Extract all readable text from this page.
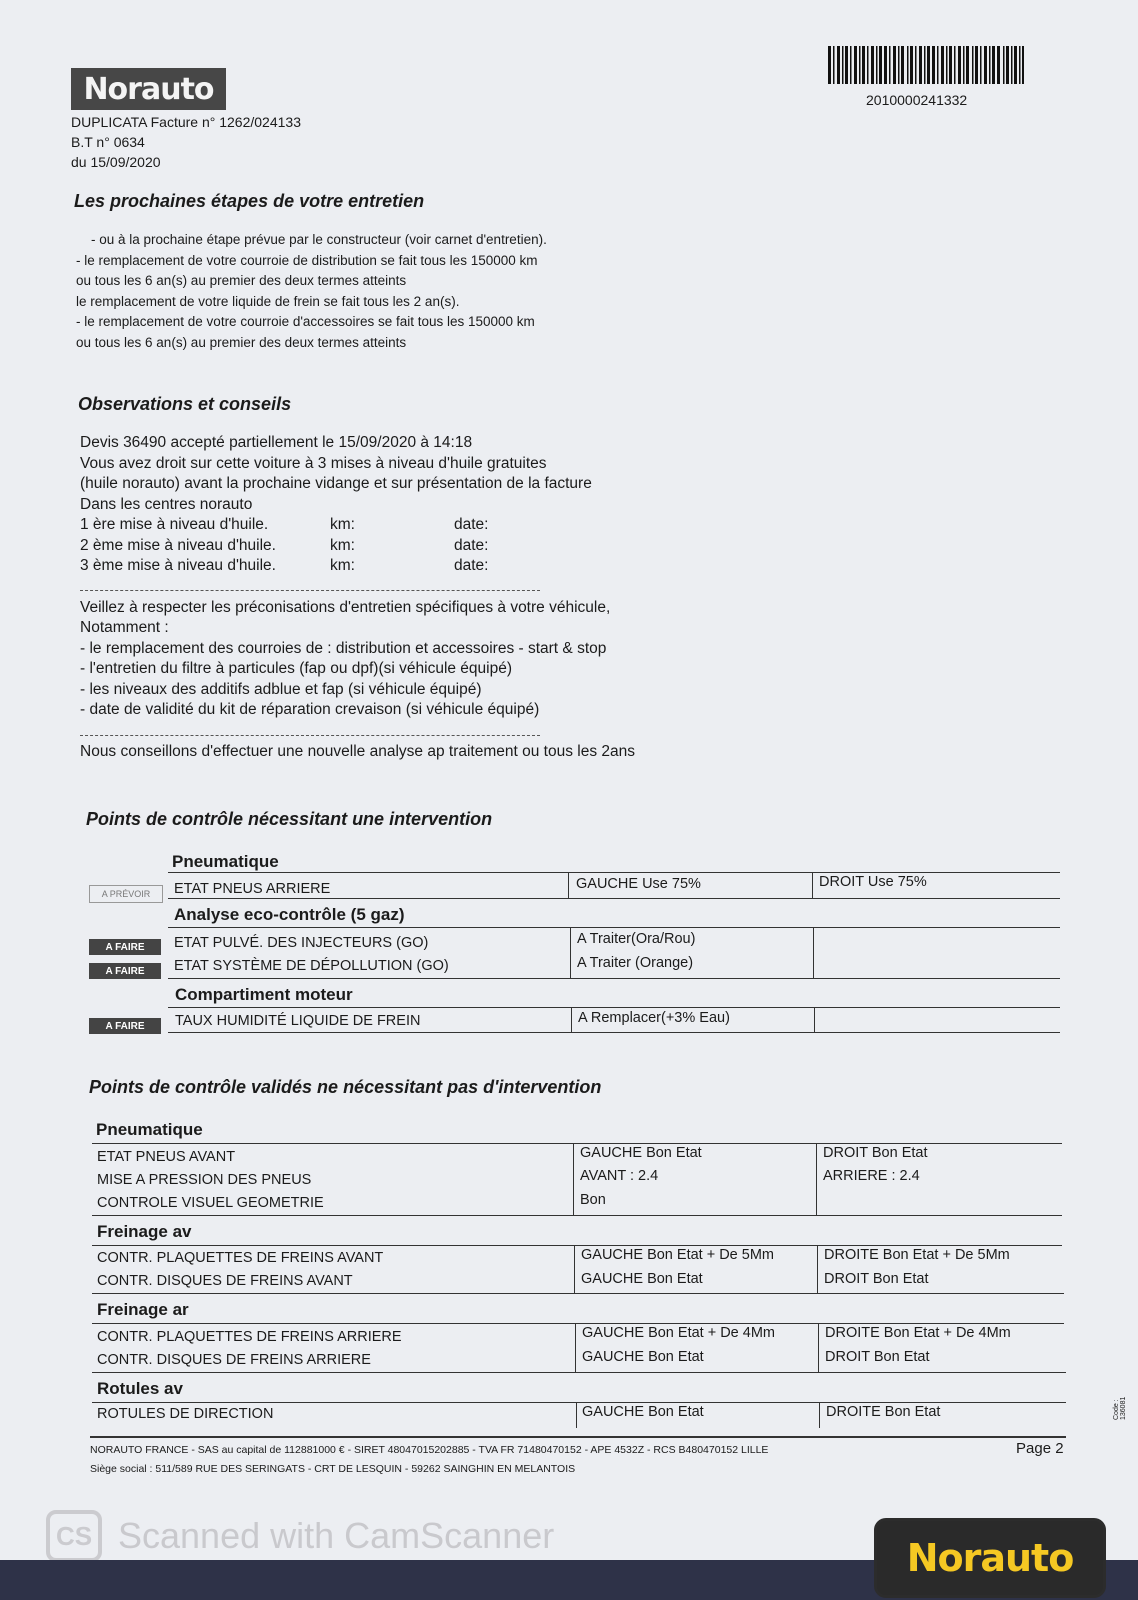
Norauto
DUPLICATA Facture n° 1262/024133
B.T n° 0634
du 15/09/2020
2010000241332
Les prochaines étapes de votre entretien
- ou à la prochaine étape prévue par le constructeur (voir carnet d'entretien).
- le remplacement de votre courroie de distribution se fait tous les 150000 km
ou tous les 6 an(s) au premier des deux termes atteints
le remplacement de votre liquide de frein se fait tous les 2 an(s).
- le remplacement de votre courroie d'accessoires se fait tous les 150000 km
ou tous les 6 an(s) au premier des deux termes atteints
Observations et conseils
Devis 36490 accepté partiellement le 15/09/2020 à 14:18
Vous avez droit sur cette voiture à 3 mises à niveau d'huile gratuites
(huile norauto) avant la prochaine vidange et sur présentation de la facture
Dans les centres norauto
1 ère mise à niveau d'huile.	km:	date:
2 ème mise à niveau d'huile.	km:	date:
3 ème mise à niveau d'huile.	km:	date:
Veillez à respecter les préconisations d'entretien spécifiques à votre véhicule,
Notamment :
- le remplacement des courroies de : distribution et accessoires - start & stop
- l'entretien du filtre à particules (fap ou dpf)(si véhicule équipé)
- les niveaux des additifs adblue et fap (si véhicule équipé)
- date de validité du kit de réparation crevaison (si véhicule équipé)
Nous conseillons d'effectuer une nouvelle analyse ap traitement ou tous les 2ans
Points de contrôle nécessitant une intervention
Pneumatique
A PRÉVOIR	ETAT PNEUS ARRIERE	GAUCHE Use 75%	DROIT Use 75%
Analyse eco-contrôle (5 gaz)
A FAIRE	ETAT PULVÉ. DES INJECTEURS (GO)	A Traiter(Ora/Rou)
A FAIRE	ETAT SYSTÈME DE DÉPOLLUTION (GO)	A Traiter (Orange)
Compartiment moteur
A FAIRE	TAUX HUMIDITÉ LIQUIDE DE FREIN	A Remplacer(+3% Eau)
Points de contrôle validés ne nécessitant pas d'intervention
Pneumatique
ETAT PNEUS AVANT	GAUCHE Bon Etat	DROIT Bon Etat
MISE A PRESSION DES PNEUS	AVANT : 2.4	ARRIERE : 2.4
CONTROLE VISUEL GEOMETRIE	Bon
Freinage av
CONTR. PLAQUETTES DE FREINS AVANT	GAUCHE Bon Etat + De 5Mm	DROITE Bon Etat + De 5Mm
CONTR. DISQUES DE FREINS AVANT	GAUCHE Bon Etat	DROIT Bon Etat
Freinage ar
CONTR. PLAQUETTES DE FREINS ARRIERE	GAUCHE Bon Etat + De 4Mm	DROITE Bon Etat + De 4Mm
CONTR. DISQUES DE FREINS ARRIERE	GAUCHE Bon Etat	DROIT Bon Etat
Rotules av
ROTULES DE DIRECTION	GAUCHE Bon Etat	DROITE Bon Etat
NORAUTO FRANCE - SAS au capital de 112881000 € - SIRET 48047015202885 - TVA FR 71480470152 - APE 4532Z - RCS B480470152 LILLE
Siège social : 511/589 RUE DES SERINGATS - CRT DE LESQUIN - 59262 SAINGHIN EN MELANTOIS
Page 2
Code : 136081
CS Scanned with CamScanner
Norauto
